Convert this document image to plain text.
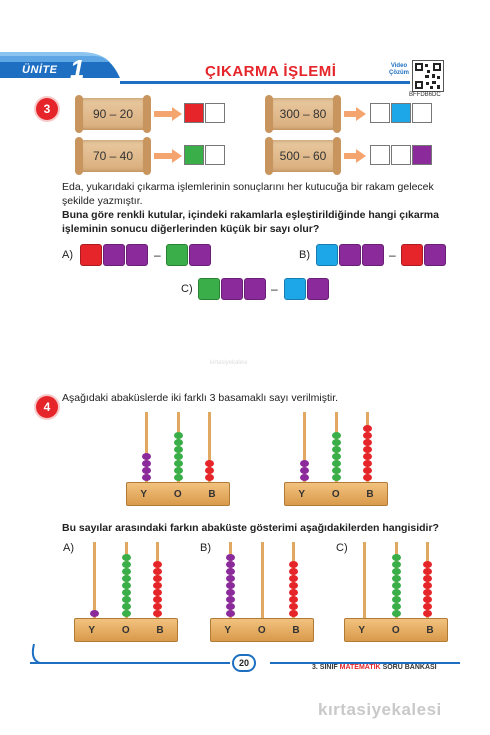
ÜNİTE 1	ÇIKARMA İŞLEMİ	Video Çözüm
BFFDB6DC
3	90 – 20	300 – 80
70 – 40	500 – 60
Eda, yukarıdaki çıkarma işlemlerinin sonuçlarını her kutucuğa bir rakam gelecek şekilde yazmıştır.
Buna göre renkli kutular, içindeki rakamlarla eşleştirildiğinde hangi çıkarma işleminin sonucu diğerlerinden küçük bir sayı olur?
A)	–	B)	–
C)	–
kirtasiyekalesi
4
Aşağıdaki abaküslerde iki farklı 3 basamaklı sayı verilmiştir.
Y	O	B	Y	O	B
Bu sayılar arasındaki farkın abaküste gösterimi aşağıdakilerden hangisidir?
A)	B)	C)
Y	O	B	Y	O	B	Y	O	B
20	3. SINIF MATEMATİK SORU BANKASI
kırtasiyekalesi
